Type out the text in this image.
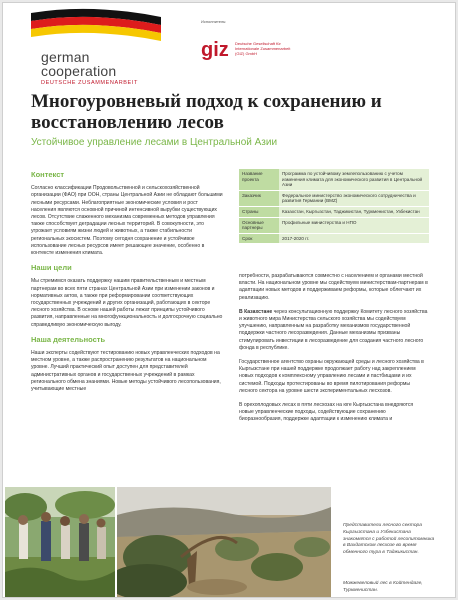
german
cooperation
DEUTSCHE ZUSAMMENARBEIT
Исполнитель:
giz Deutsche Gesellschaft für Internationale Zusammenarbeit (GIZ) GmbH
Многоуровневый подход к сохранению и восстановлению лесов
Устойчивое управление лесами в Центральной Азии
Контекст

Согласно классификации Продовольственной и сельскохозяйственной организации (ФАО) при ООН, страны Центральной Азии не обладают большими лесными ресурсами. Неблагоприятные экономические условия и рост населения являются основной причиной интенсивной вырубки существующих лесов. Отсутствие слаженного механизма современных методов управления также способствует деградации лесных территорий. В совокупности, это угрожает условиям жизни людей и животных, а также стабильности региональных экосистем. Поэтому сегодня сохранение и устойчивое использование лесных ресурсов имеет решающее значение, особенно в контексте изменения климата.

Наши цели

Мы стремимся оказать поддержку нашим правительственным и местным партнерам во всех пяти странах Центральной Азии при изменении законов и нормативных актов, а также при реформировании соответствующих государственных учреждений и других организаций, работающих в секторе лесного хозяйства. В основе нашей работы лежат принципы устойчивого развития, направленные на многофункциональность и долгосрочную социально справедливую экономическую выгоду.

Наша деятельность

Наши эксперты содействуют тестированию новых управленческих подходов на местном уровне, а также распространению результатов на национальном уровне. Лучший практический опыт доступен для представителей административных органов и государственных учреждений в рамках регионального обмена знаниями. Новые методы устойчивого лесопользования, учитывающие местные

Название проекта	Программа по устойчивому землепользованию с учетом изменения климата для экономического развития в Центральной Азии
Заказчик	Федеральное министерство экономического сотрудничества и развития Германии (BMZ)
Страны	Казахстан, Кыргызстан, Таджикистан, Туркменистан, Узбекистан
Основные партнеры	Профильные министерства и НПО
Срок	2017-2020 гг.

потребности, разрабатываются совместно с населением и органами местной власти. На национальном уровне мы содействуем министерствам-партнерам в адаптации новых методов и поддерживаем реформы, которые облегчают их реализацию.

В Казахстане через консультационную поддержку Комитету лесного хозяйства и животного мира Министерства сельского хозяйства мы содействуем улучшению, направленным на разработку механизмов государственной поддержки частного лесоразведения. Данные механизмы призваны стимулировать инвестиции в лесоразведение для создания частного лесного фонда в республике.

Государственное агентство охраны окружающей среды и лесного хозяйства в Кыргызстане при нашей поддержке продолжает работу над закреплением новых подходов к комплексному управлению лесами и пастбищами и их системой. Подходы протестированы во время пилотирования реформы лесного сектора на уровне шести экспериментальных лесхозов.

В орехоплодовых лесах в пяти лесхозах на юге Кыргызстана внедряются новые управленческие подходы, содействующие сохранению биоразнообразия, поддержке адаптации к изменению климата и

Представители лесного сектора Кыргызстана и Узбекистана знакомятся с работой лесопитомника в Вахдатском лесхозе во время обменного тура в Таджикистан.
Можжевеловый лес в Койтендаге, Туркменистан.
